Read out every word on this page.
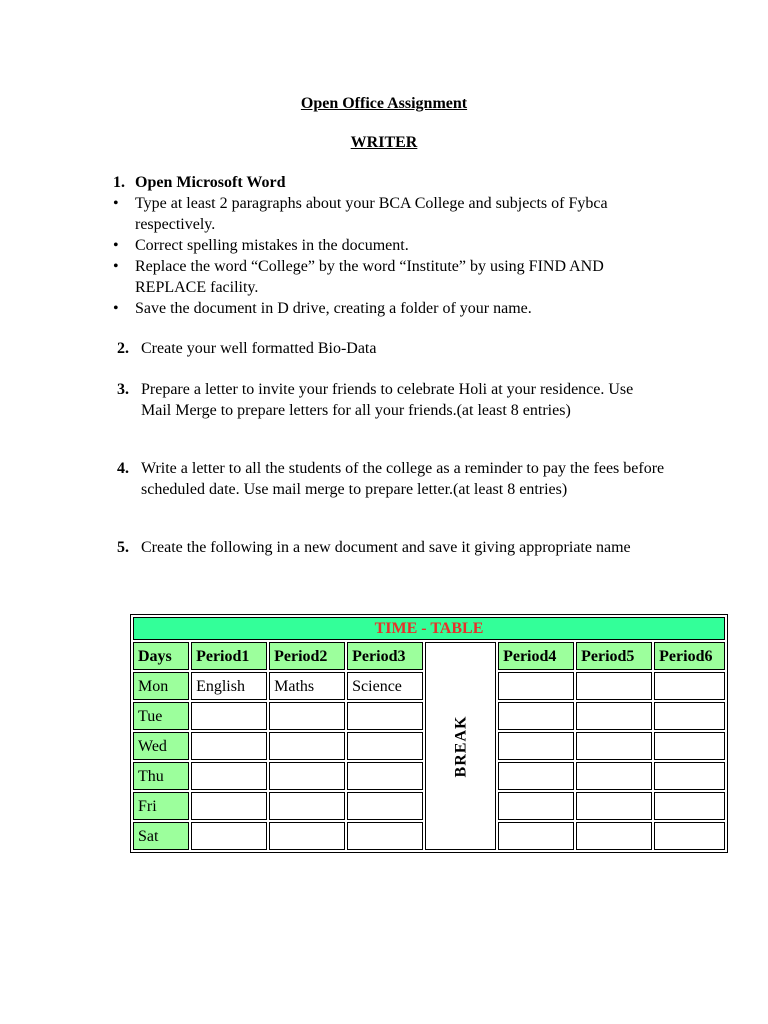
Open Office Assignment
WRITER
1. Open Microsoft Word
• Type at least 2 paragraphs about your BCA College and subjects of Fybca respectively.
• Correct spelling mistakes in the document.
• Replace the word “College” by the word “Institute” by using FIND AND REPLACE facility.
• Save the document in D drive, creating a folder of your name.
2. Create your well formatted Bio-Data
3. Prepare a letter to invite your friends to celebrate Holi at your residence. Use Mail Merge to prepare letters for all your friends.(at least 8 entries)
4. Write a letter to all the students of the college as a reminder to pay the fees before scheduled date. Use mail merge to prepare letter.(at least 8 entries)
5. Create the following in a new document and save it giving appropriate name
TIME - TABLE							
Days	Period1	Period2	Period3	BREAK	Period4	Period5	Period6
Mon	English	Maths	Science				
Tue							
Wed							
Thu							
Fri							
Sat							
